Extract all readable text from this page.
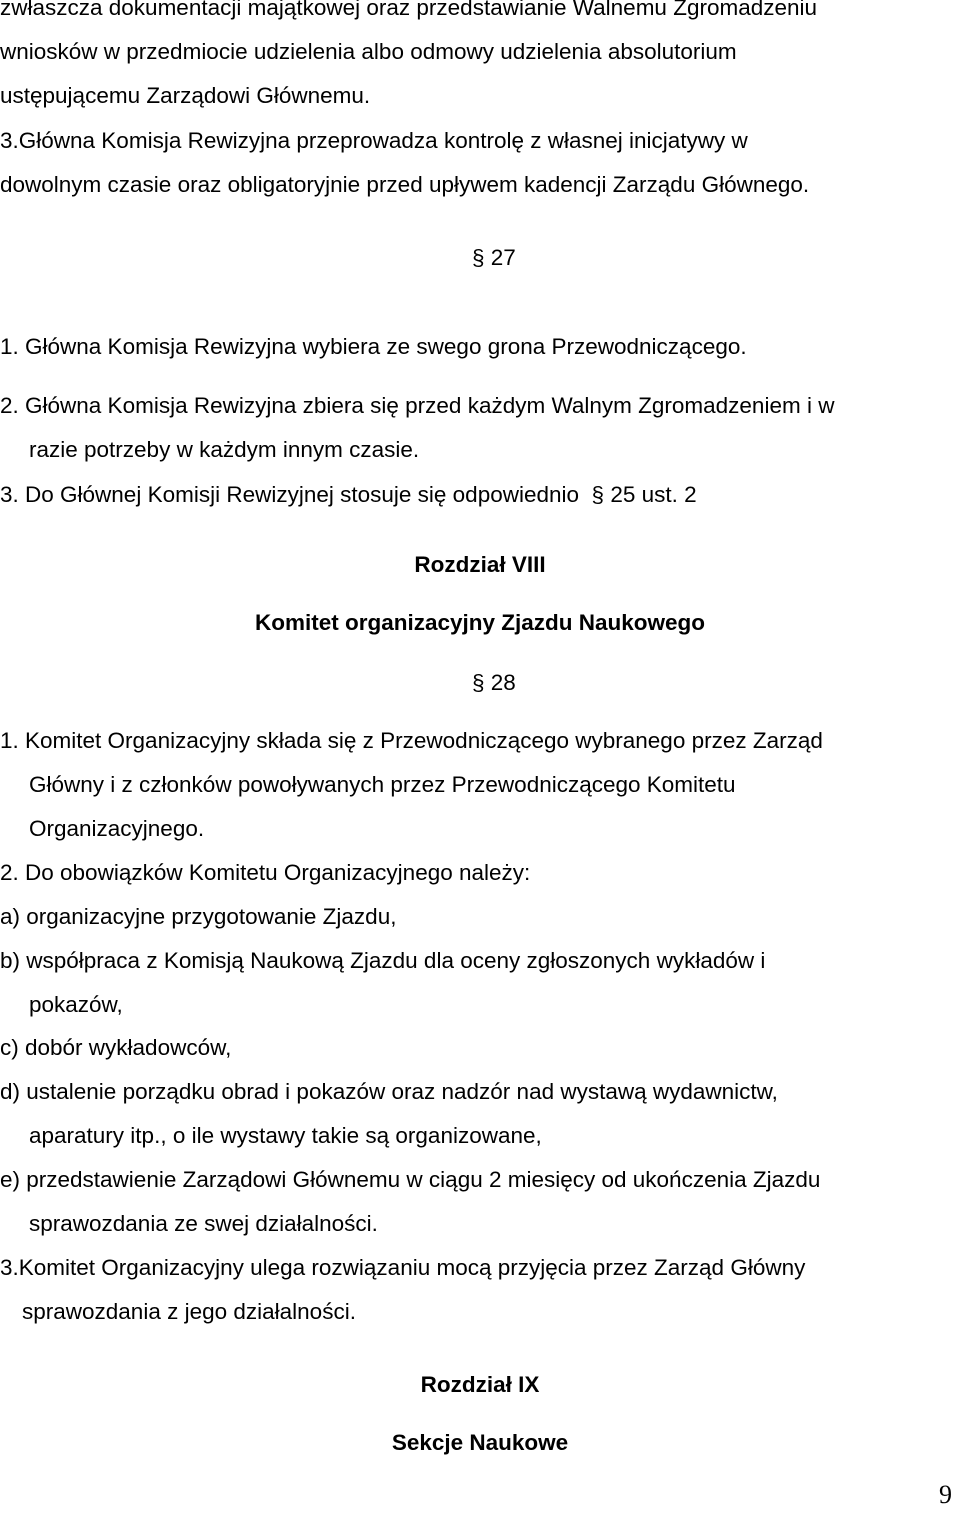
zwłaszcza dokumentacji majątkowej oraz przedstawianie Walnemu Zgromadzeniu
wniosków w przedmiocie udzielenia albo odmowy udzielenia absolutorium
ustępującemu Zarządowi Głównemu.
3.Główna Komisja Rewizyjna przeprowadza kontrolę z własnej inicjatywy w
dowolnym czasie oraz obligatoryjnie przed upływem kadencji Zarządu Głównego.
§ 27
1. Główna Komisja Rewizyjna wybiera ze swego grona Przewodniczącego.
2. Główna Komisja Rewizyjna zbiera się przed każdym Walnym Zgromadzeniem i w
razie potrzeby w każdym innym czasie.
3. Do Głównej Komisji Rewizyjnej stosuje się odpowiednio  § 25 ust. 2
Rozdział VIII
Komitet organizacyjny Zjazdu Naukowego
§ 28
1. Komitet Organizacyjny składa się z Przewodniczącego wybranego przez Zarząd
Główny i z członków powoływanych przez Przewodniczącego Komitetu
Organizacyjnego.
2. Do obowiązków Komitetu Organizacyjnego należy:
a) organizacyjne przygotowanie Zjazdu,
b) współpraca z Komisją Naukową Zjazdu dla oceny zgłoszonych wykładów i
pokazów,
c) dobór wykładowców,
d) ustalenie porządku obrad i pokazów oraz nadzór nad wystawą wydawnictw,
aparatury itp., o ile wystawy takie są organizowane,
e) przedstawienie Zarządowi Głównemu w ciągu 2 miesięcy od ukończenia Zjazdu
sprawozdania ze swej działalności.
3.Komitet Organizacyjny ulega rozwiązaniu mocą przyjęcia przez Zarząd Główny
sprawozdania z jego działalności.
Rozdział IX
Sekcje Naukowe
9
